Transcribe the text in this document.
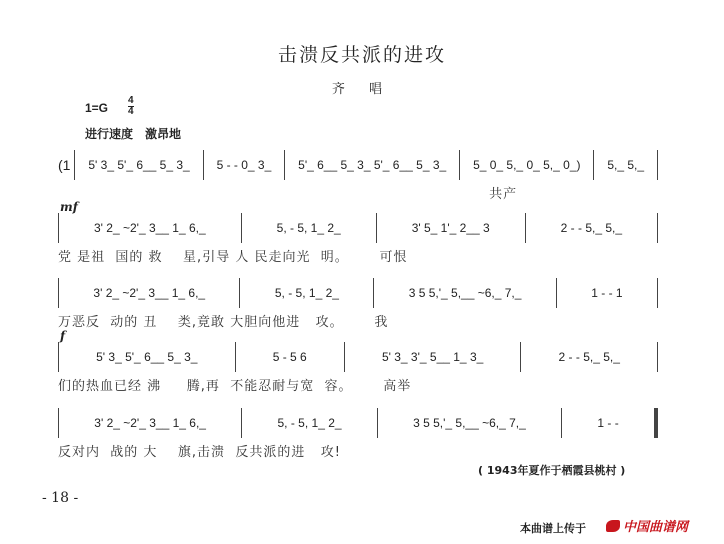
击溃反共派的进攻
齐 唱
1=G
4
4
进行速度　激昂地
(1	5' 3_ 5'_ 6__ 5_ 3_	5 - - 0_ 3_	5'_ 6__ 5_ 3_ 5'_ 6__ 5_ 3_	5_ 0_ 5,_ 0_ 5,_ 0_)	5,_ 5,_
共产
3' 2_ ~2'_ 3__ 1_ 6,_	5, - 5, 1_ 2_	3' 5_ 1'_ 2__ 3	2 - - 5,_ 5,_
mf
党 是祖  国的 救    星,引导 人 民走向光  明。      可恨
3' 2_ ~2'_ 3__ 1_ 6,_	5, - 5, 1_ 2_	3 5 5,'_ 5,__ ~6,_ 7,_	1 - - 1
万恶反  动的 丑    类,竟敢 大胆向他进   攻。      我
5' 3_ 5'_ 6__ 5_ 3_	5 - 5 6	5' 3_ 3'_ 5__ 1_ 3_	2 - - 5,_ 5,_
f
们的热血已经 沸     腾,再  不能忍耐与宽  容。      高举
3' 2_ ~2'_ 3__ 1_ 6,_	5, - 5, 1_ 2_	3 5 5,'_ 5,__ ~6,_ 7,_	1 - -
反对内  战的 大    旗,击溃  反共派的进   攻!
( 1943年夏作于栖霞县桃村 )
- 18 -
本曲谱上传于	中国曲谱网
